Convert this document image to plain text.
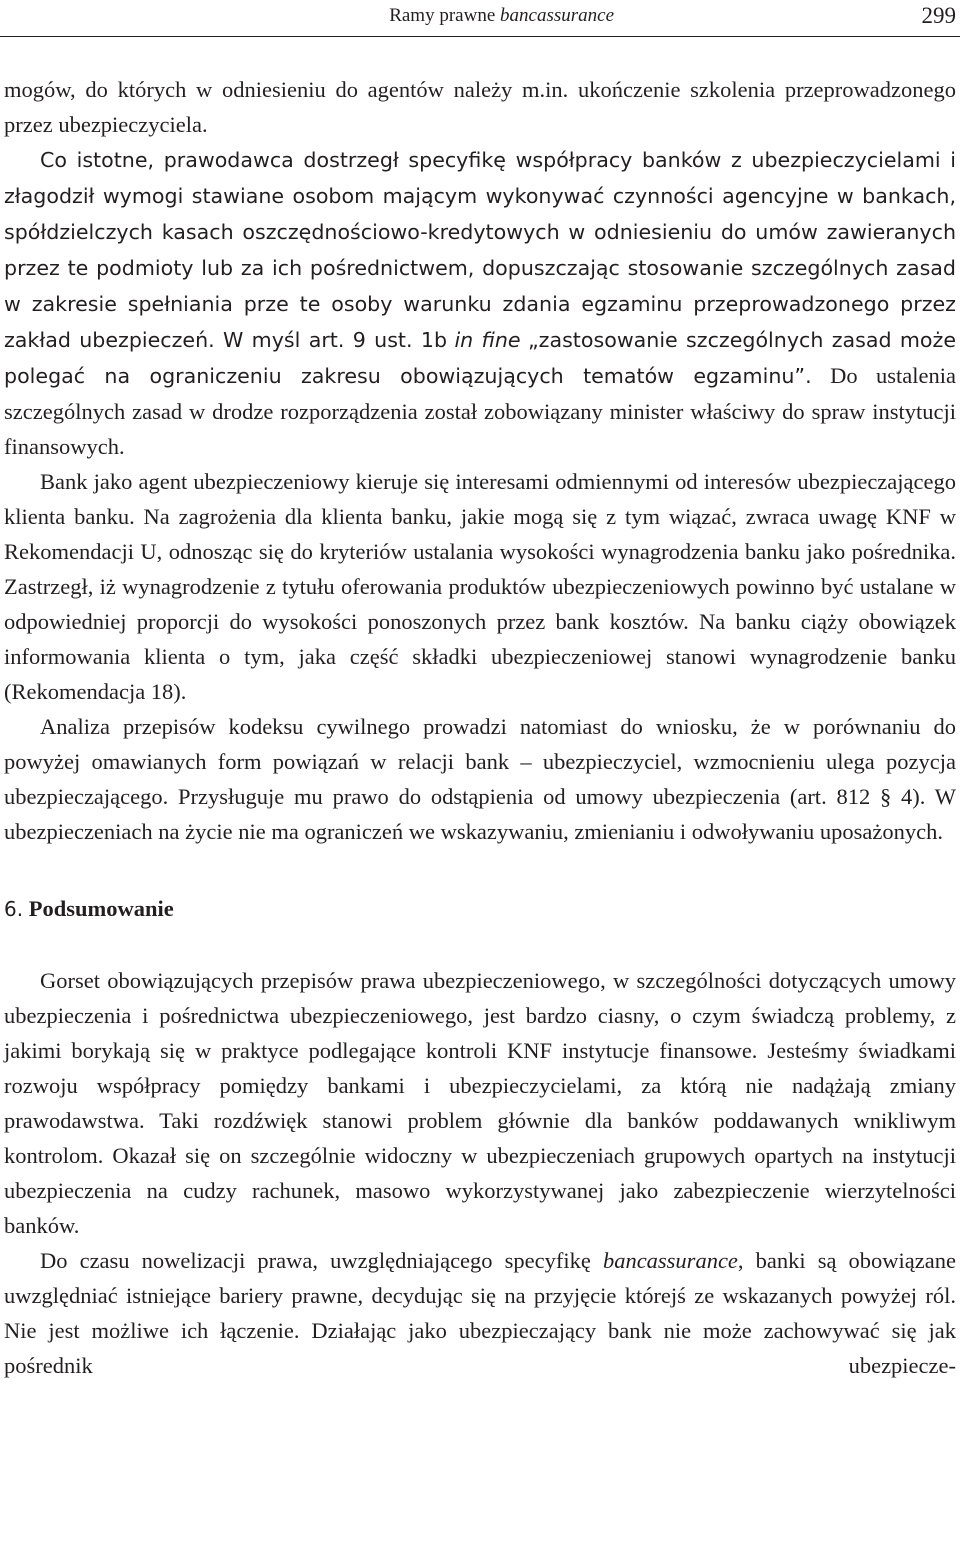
Ramy prawne bancassurance	299

mogów, do których w odniesieniu do agentów należy m.in. ukończenie szkolenia przeprowadzonego przez ubezpieczyciela.

Co istotne, prawodawca dostrzegł specyfikę współpracy banków z ubezpieczycielami i złagodził wymogi stawiane osobom mającym wykonywać czynności agencyjne w bankach, spółdzielczych kasach oszczędnościowo-kredytowych w odniesieniu do umów zawieranych przez te podmioty lub za ich pośrednictwem, dopuszczając stosowanie szczególnych zasad w zakresie spełniania prze te osoby warunku zdania egzaminu przeprowadzonego przez zakład ubezpieczeń. W myśl art. 9 ust. 1b in fine „zastosowanie szczególnych zasad może polegać na ograniczeniu zakresu obowiązujących tematów egzaminu”. Do ustalenia szczególnych zasad w drodze rozporządzenia został zobowiązany minister właściwy do spraw instytucji finansowych.

Bank jako agent ubezpieczeniowy kieruje się interesami odmiennymi od interesów ubezpieczającego klienta banku. Na zagrożenia dla klienta banku, jakie mogą się z tym wiązać, zwraca uwagę KNF w Rekomendacji U, odnosząc się do kryteriów ustalania wysokości wynagrodzenia banku jako pośrednika. Zastrzegł, iż wynagrodzenie z tytułu oferowania produktów ubezpieczeniowych powinno być ustalane w odpowiedniej proporcji do wysokości ponoszonych przez bank kosztów. Na banku ciąży obowiązek informowania klienta o tym, jaka część składki ubezpieczeniowej stanowi wynagrodzenie banku (Rekomendacja 18).

Analiza przepisów kodeksu cywilnego prowadzi natomiast do wniosku, że w porównaniu do powyżej omawianych form powiązań w relacji bank – ubezpieczyciel, wzmocnieniu ulega pozycja ubezpieczającego. Przysługuje mu prawo do odstąpienia od umowy ubezpieczenia (art. 812 § 4). W ubezpieczeniach na życie nie ma ograniczeń we wskazywaniu, zmienianiu i odwoływaniu uposażonych.

6. Podsumowanie

Gorset obowiązujących przepisów prawa ubezpieczeniowego, w szczególności dotyczących umowy ubezpieczenia i pośrednictwa ubezpieczeniowego, jest bardzo ciasny, o czym świadczą problemy, z jakimi borykają się w praktyce podlegające kontroli KNF instytucje finansowe. Jesteśmy świadkami rozwoju współpracy pomiędzy bankami i ubezpieczycielami, za którą nie nadążają zmiany prawodawstwa. Taki rozdźwięk stanowi problem głównie dla banków poddawanych wnikliwym kontrolom. Okazał się on szczególnie widoczny w ubezpieczeniach grupowych opartych na instytucji ubezpieczenia na cudzy rachunek, masowo wykorzystywanej jako zabezpieczenie wierzytelności banków.

Do czasu nowelizacji prawa, uwzględniającego specyfikę bancassurance, banki są obowiązane uwzględniać istniejące bariery prawne, decydując się na przyjęcie którejś ze wskazanych powyżej ról. Nie jest możliwe ich łączenie. Działając jako ubezpieczający bank nie może zachowywać się jak pośrednik ubezpiecze-
